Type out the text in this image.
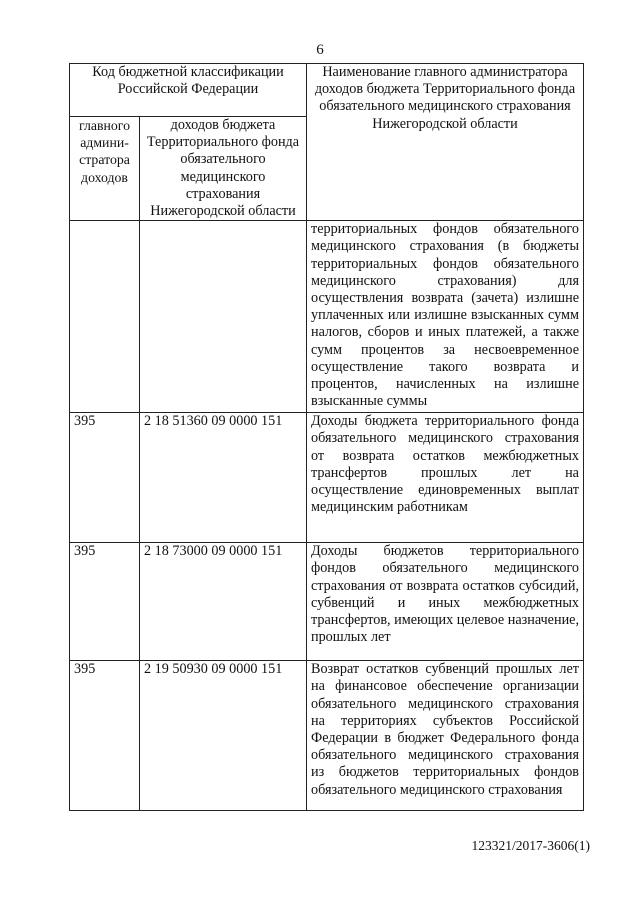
6
Код бюджетной классификации Российской Федерации		Наименование главного администратора доходов бюджета Территориального фонда обязательного медицинского страхования Нижегородской области
главного админи-стратора доходов	доходов бюджета Территориального фонда обязательного медицинского страхования Нижегородской области	
		территориальных фондов обязательного медицинского страхования (в бюджеты территориальных фондов обязательного медицинского страхования) для осуществления возврата (зачета) излишне уплаченных или излишне взысканных сумм налогов, сборов и иных платежей, а также сумм процентов за несвоевременное осуществление такого возврата и процентов, начисленных на излишне взысканные суммы
395	2 18 51360 09 0000 151	Доходы бюджета территориального фонда обязательного медицинского страхования от возврата остатков межбюджетных трансфертов прошлых лет на осуществление единовременных выплат медицинским работникам
395	2 18 73000 09 0000 151	Доходы бюджетов территориального фондов обязательного медицинского страхования от возврата остатков субсидий, субвенций и иных межбюджетных трансфертов, имеющих целевое назначение, прошлых лет
395	2 19 50930 09 0000 151	Возврат остатков субвенций прошлых лет на финансовое обеспечение организации обязательного медицинского страхования на территориях субъектов Российской Федерации в бюджет Федерального фонда обязательного медицинского страхования из бюджетов территориальных фондов обязательного медицинского страхования
123321/2017-3606(1)
